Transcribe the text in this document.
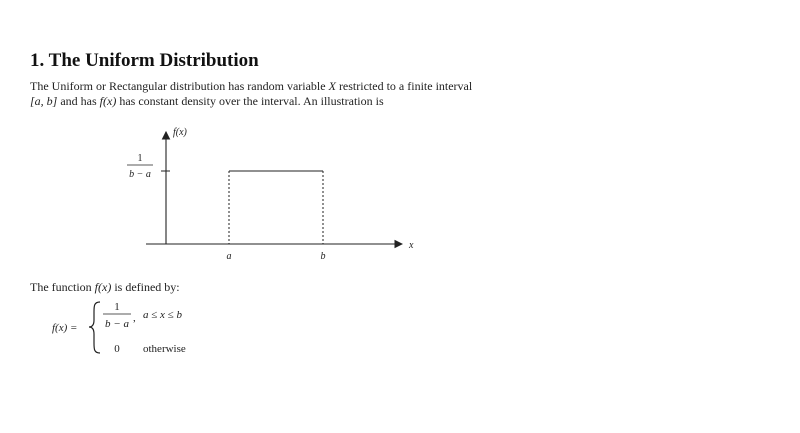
1. The Uniform Distribution
The Uniform or Rectangular distribution has random variable X restricted to a finite interval
[a, b] and has f(x) has constant density over the interval. An illustration is
f(x)
x
1
b − a
a	b
The function f(x) is defined by:
f(x) =
1
b − a , a ≤ x ≤ b
0 otherwise
